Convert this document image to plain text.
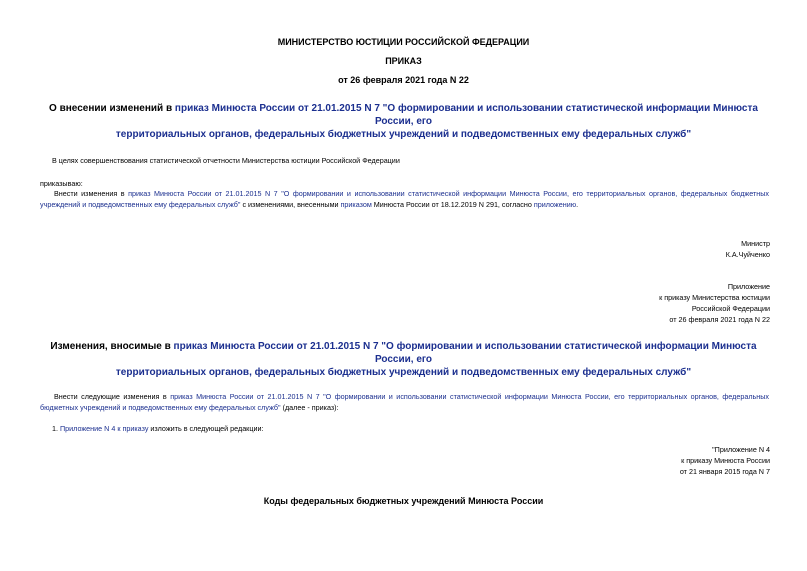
МИНИСТЕРСТВО ЮСТИЦИИ РОССИЙСКОЙ ФЕДЕРАЦИИ
ПРИКАЗ
от 26 февраля 2021 года N 22
О внесении изменений в приказ Минюста России от 21.01.2015 N 7 "О формировании и использовании статистической информации Минюста России, его
территориальных органов, федеральных бюджетных учреждений и подведомственных ему федеральных служб"
В целях совершенствования статистической отчетности Министерства юстиции Российской Федерации
приказываю:
Внести изменения в приказ Минюста России от 21.01.2015 N 7 "О формировании и использовании статистической информации Минюста России, его территориальных органов, федеральных бюджетных учреждений и подведомственных ему федеральных служб" с изменениями, внесенными приказом Минюста России от 18.12.2019 N 291, согласно приложению.
Министр
К.А.Чуйченко
Приложение
к приказу Министерства юстиции
Российской Федерации
от 26 февраля 2021 года N 22
Изменения, вносимые в приказ Минюста России от 21.01.2015 N 7 "О формировании и использовании статистической информации Минюста России, его
территориальных органов, федеральных бюджетных учреждений и подведомственных ему федеральных служб"
Внести следующие изменения в приказ Минюста России от 21.01.2015 N 7 "О формировании и использовании статистической информации Минюста России, его территориальных органов, федеральных бюджетных учреждений и подведомственных ему федеральных служб" (далее - приказ):
1. Приложение N 4 к приказу изложить в следующей редакции:
"Приложение N 4
к приказу Минюста России
от 21 января 2015 года N 7
Коды федеральных бюджетных учреждений Минюста России
